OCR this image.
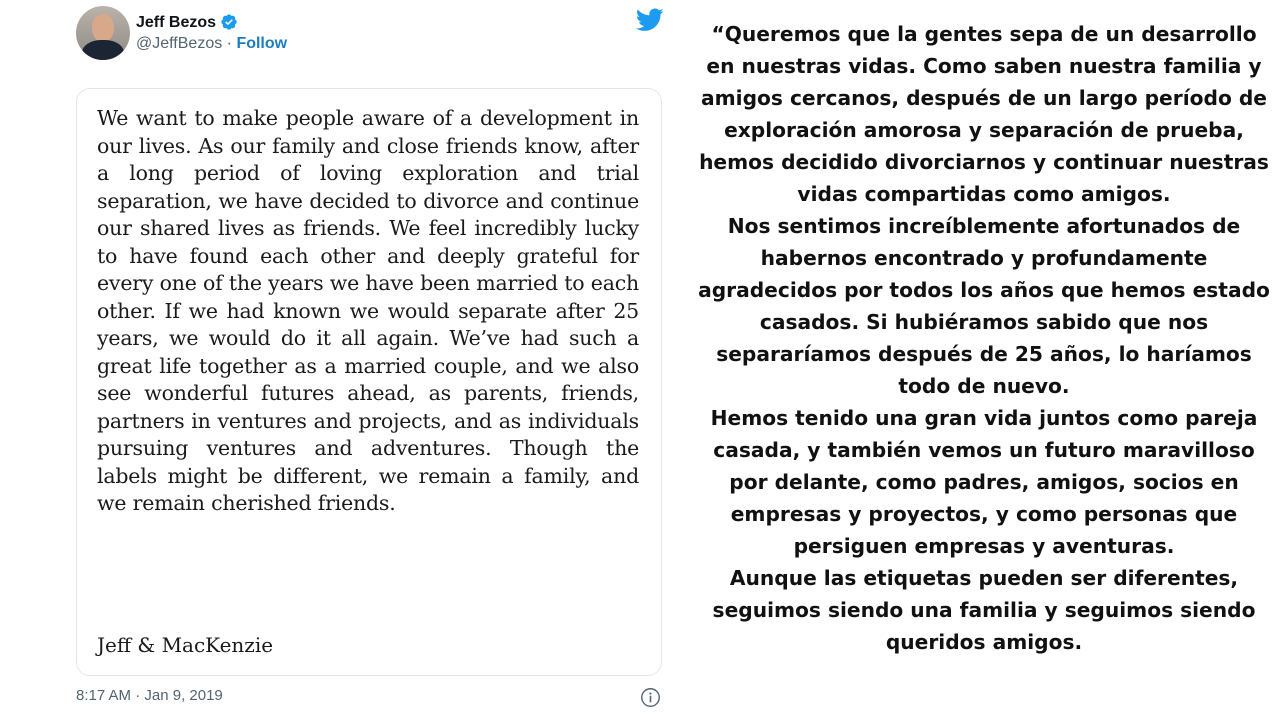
Jeff Bezos
@JeffBezos · Follow
We want to make people aware of a development in our lives. As our family and close friends know, after a long period of loving exploration and trial separation, we have decided to divorce and continue our shared lives as friends. We feel incredibly lucky to have found each other and deeply grateful for every one of the years we have been married to each other. If we had known we would separate after 25 years, we would do it all again. We’ve had such a great life together as a married couple, and we also see wonderful futures ahead, as parents, friends, partners in ventures and projects, and as individuals pursuing ventures and adventures. Though the labels might be different, we remain a family, and we remain cherished friends.
Jeff & MacKenzie
8:17 AM · Jan 9, 2019

“Queremos que la gentes sepa de un desarrollo en nuestras vidas. Como saben nuestra familia y amigos cercanos, después de un largo período de exploración amorosa y separación de prueba, hemos decidido divorciarnos y continuar nuestras vidas compartidas como amigos.

Nos sentimos increíblemente afortunados de habernos encontrado y profundamente agradecidos por todos los años que hemos estado casados. Si hubiéramos sabido que nos separaríamos después de 25 años, lo haríamos todo de nuevo.

Hemos tenido una gran vida juntos como pareja casada, y también vemos un futuro maravilloso por delante, como padres, amigos, socios en empresas y proyectos, y como personas que persiguen empresas y aventuras.

Aunque las etiquetas pueden ser diferentes, seguimos siendo una familia y seguimos siendo queridos amigos.
